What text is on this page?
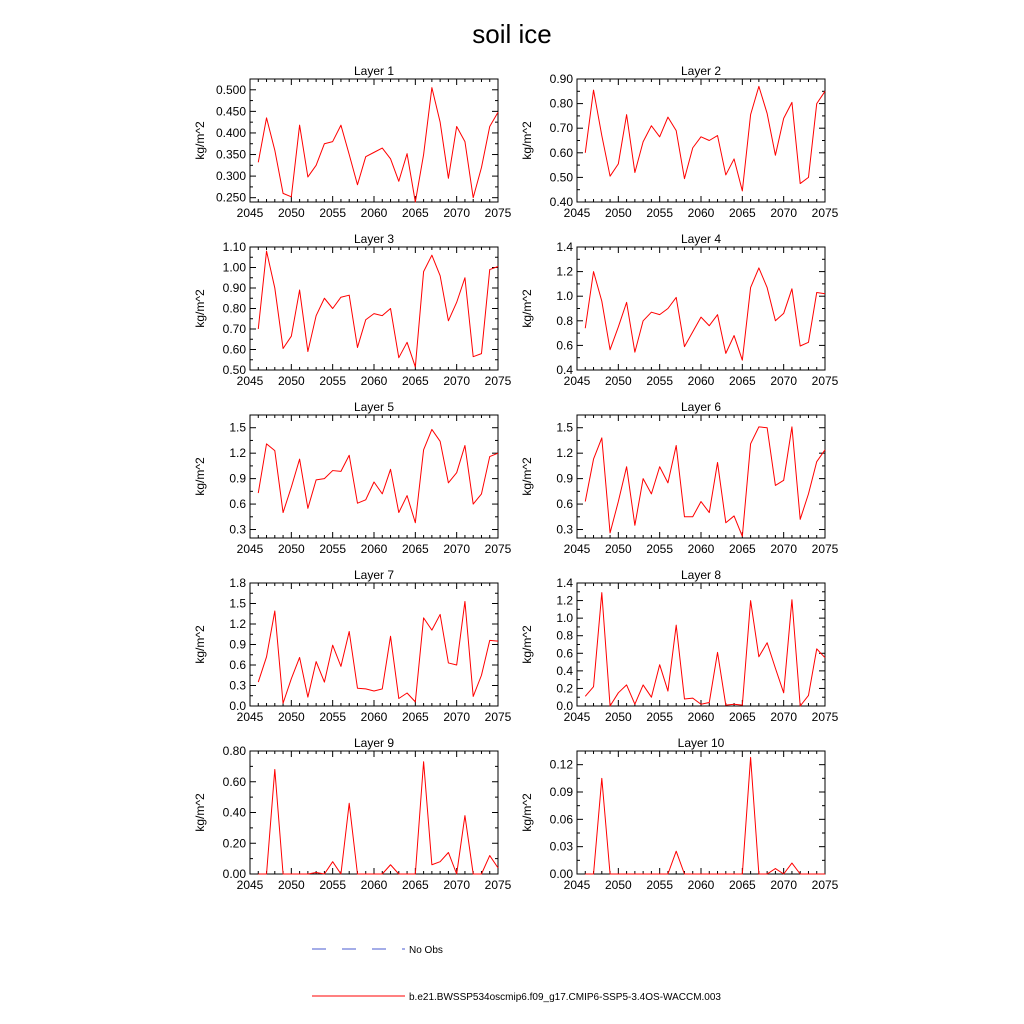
soil ice
Layer 1
2045 2050 2055 2060 2065 2070 2075
0.250
0.300
0.350
0.400
0.450
0.500
kg/m^2
Layer 2
2045 2050 2055 2060 2065 2070 2075
0.40
0.50
0.60
0.70
0.80
0.90
kg/m^2
Layer 3
2045 2050 2055 2060 2065 2070 2075
0.50
0.60
0.70
0.80
0.90
1.00
1.10
kg/m^2
Layer 4
2045 2050 2055 2060 2065 2070 2075
0.4
0.6
0.8
1.0
1.2
1.4
kg/m^2
Layer 5
2045 2050 2055 2060 2065 2070 2075
0.3
0.6
0.9
1.2
1.5
kg/m^2
Layer 6
2045 2050 2055 2060 2065 2070 2075
0.3
0.6
0.9
1.2
1.5
kg/m^2
Layer 7
2045 2050 2055 2060 2065 2070 2075
0.0
0.3
0.6
0.9
1.2
1.5
1.8
kg/m^2
Layer 8
2045 2050 2055 2060 2065 2070 2075
0.0
0.2
0.4
0.6
0.8
1.0
1.2
1.4
kg/m^2
Layer 9
2045 2050 2055 2060 2065 2070 2075
0.00
0.20
0.40
0.60
0.80
kg/m^2
Layer 10
2045 2050 2055 2060 2065 2070 2075
0.00
0.03
0.06
0.09
0.12
kg/m^2
No Obs
b.e21.BWSSP534oscmip6.f09_g17.CMIP6-SSP5-3.4OS-WACCM.003
